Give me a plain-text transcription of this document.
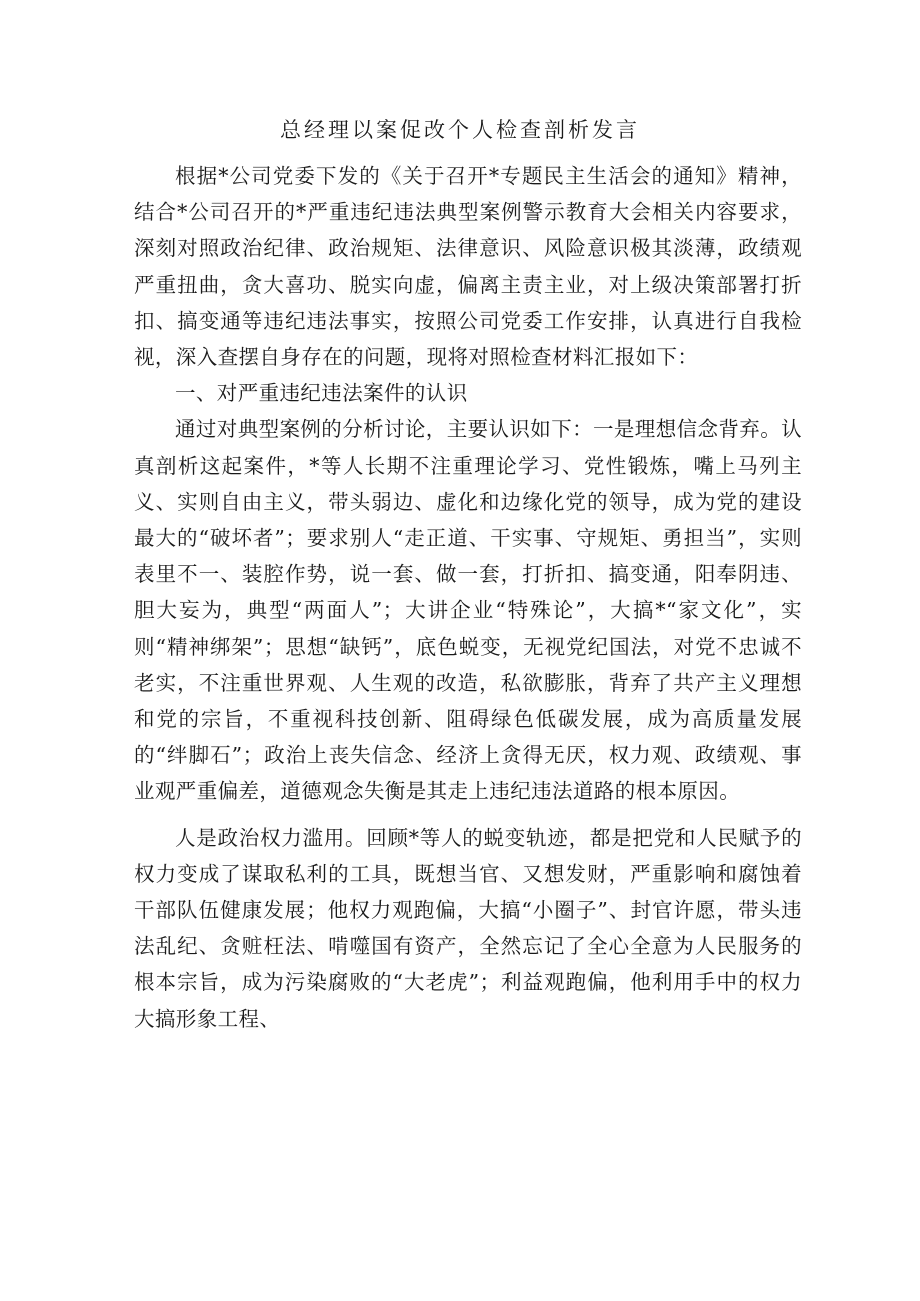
总经理以案促改个人检查剖析发言

根据*公司党委下发的《关于召开*专题民主生活会的通知》精神，结合*公司召开的*严重违纪违法典型案例警示教育大会相关内容要求，深刻对照政治纪律、政治规矩、法律意识、风险意识极其淡薄，政绩观严重扭曲，贪大喜功、脱实向虚，偏离主责主业，对上级决策部署打折扣、搞变通等违纪违法事实，按照公司党委工作安排，认真进行自我检视，深入查摆自身存在的问题，现将对照检查材料汇报如下：

一、对严重违纪违法案件的认识

通过对典型案例的分析讨论，主要认识如下：一是理想信念背弃。认真剖析这起案件，*等人长期不注重理论学习、党性锻炼，嘴上马列主义、实则自由主义，带头弱边、虚化和边缘化党的领导，成为党的建设最大的“破坏者”；要求别人“走正道、干实事、守规矩、勇担当”，实则表里不一、装腔作势，说一套、做一套，打折扣、搞变通，阳奉阴违、胆大妄为，典型“两面人”；大讲企业“特殊论”，大搞*“家文化”，实则“精神绑架”；思想“缺钙”，底色蜕变，无视党纪国法，对党不忠诚不老实，不注重世界观、人生观的改造，私欲膨胀，背弃了共产主义理想和党的宗旨，不重视科技创新、阻碍绿色低碳发展，成为高质量发展的“绊脚石”；政治上丧失信念、经济上贪得无厌，权力观、政绩观、事业观严重偏差，道德观念失衡是其走上违纪违法道路的根本原因。

人是政治权力滥用。回顾*等人的蜕变轨迹，都是把党和人民赋予的权力变成了谋取私利的工具，既想当官、又想发财，严重影响和腐蚀着干部队伍健康发展；他权力观跑偏，大搞“小圈子”、封官许愿，带头违法乱纪、贪赃枉法、啃噬国有资产，全然忘记了全心全意为人民服务的根本宗旨，成为污染腐败的“大老虎”；利益观跑偏，他利用手中的权力大搞形象工程、
